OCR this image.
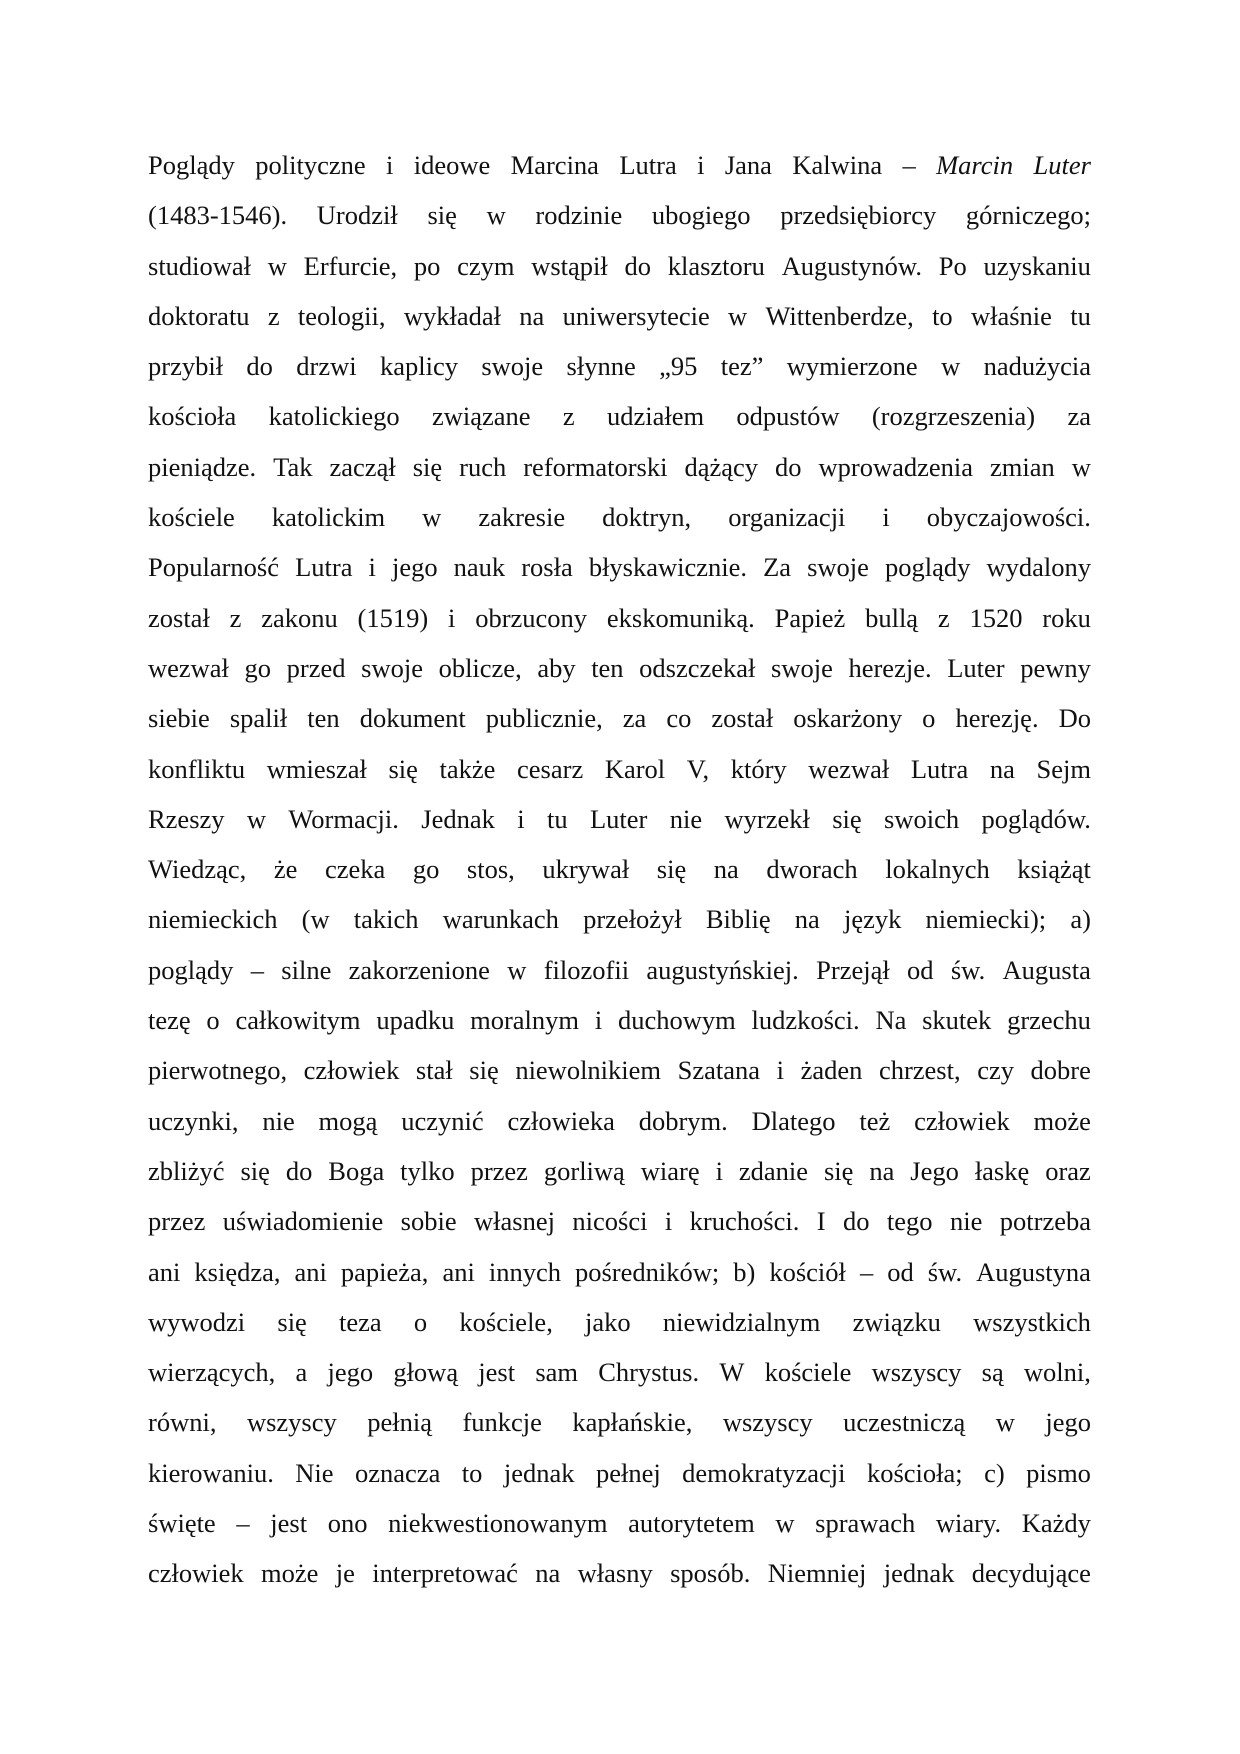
Poglądy polityczne i ideowe Marcina Lutra i Jana Kalwina – Marcin Luter
(1483-1546). Urodził się w rodzinie ubogiego przedsiębiorcy górniczego;
studiował w Erfurcie, po czym wstąpił do klasztoru Augustynów. Po uzyskaniu
doktoratu z teologii, wykładał na uniwersytecie w Wittenberdze, to właśnie tu
przybił do drzwi kaplicy swoje słynne „95 tez” wymierzone w nadużycia
kościoła katolickiego związane z udziałem odpustów (rozgrzeszenia) za
pieniądze. Tak zaczął się ruch reformatorski dążący do wprowadzenia zmian w
kościele katolickim w zakresie doktryn, organizacji i obyczajowości.
Popularność Lutra i jego nauk rosła błyskawicznie. Za swoje poglądy wydalony
został z zakonu (1519) i obrzucony ekskomuniką. Papież bullą z 1520 roku
wezwał go przed swoje oblicze, aby ten odszczekał swoje herezje. Luter pewny
siebie spalił ten dokument publicznie, za co został oskarżony o herezję. Do
konfliktu wmieszał się także cesarz Karol V, który wezwał Lutra na Sejm
Rzeszy w Wormacji. Jednak i tu Luter nie wyrzekł się swoich poglądów.
Wiedząc, że czeka go stos, ukrywał się na dworach lokalnych książąt
niemieckich (w takich warunkach przełożył Biblię na język niemiecki); a)
poglądy – silne zakorzenione w filozofii augustyńskiej. Przejął od św. Augusta
tezę o całkowitym upadku moralnym i duchowym ludzkości. Na skutek grzechu
pierwotnego, człowiek stał się niewolnikiem Szatana i żaden chrzest, czy dobre
uczynki, nie mogą uczynić człowieka dobrym. Dlatego też człowiek może
zbliżyć się do Boga tylko przez gorliwą wiarę i zdanie się na Jego łaskę oraz
przez uświadomienie sobie własnej nicości i kruchości. I do tego nie potrzeba
ani księdza, ani papieża, ani innych pośredników; b) kościół – od św. Augustyna
wywodzi się teza o kościele, jako niewidzialnym związku wszystkich
wierzących, a jego głową jest sam Chrystus. W kościele wszyscy są wolni,
równi, wszyscy pełnią funkcje kapłańskie, wszyscy uczestniczą w jego
kierowaniu. Nie oznacza to jednak pełnej demokratyzacji kościoła; c) pismo
święte – jest ono niekwestionowanym autorytetem w sprawach wiary. Każdy
człowiek może je interpretować na własny sposób. Niemniej jednak decydujące
